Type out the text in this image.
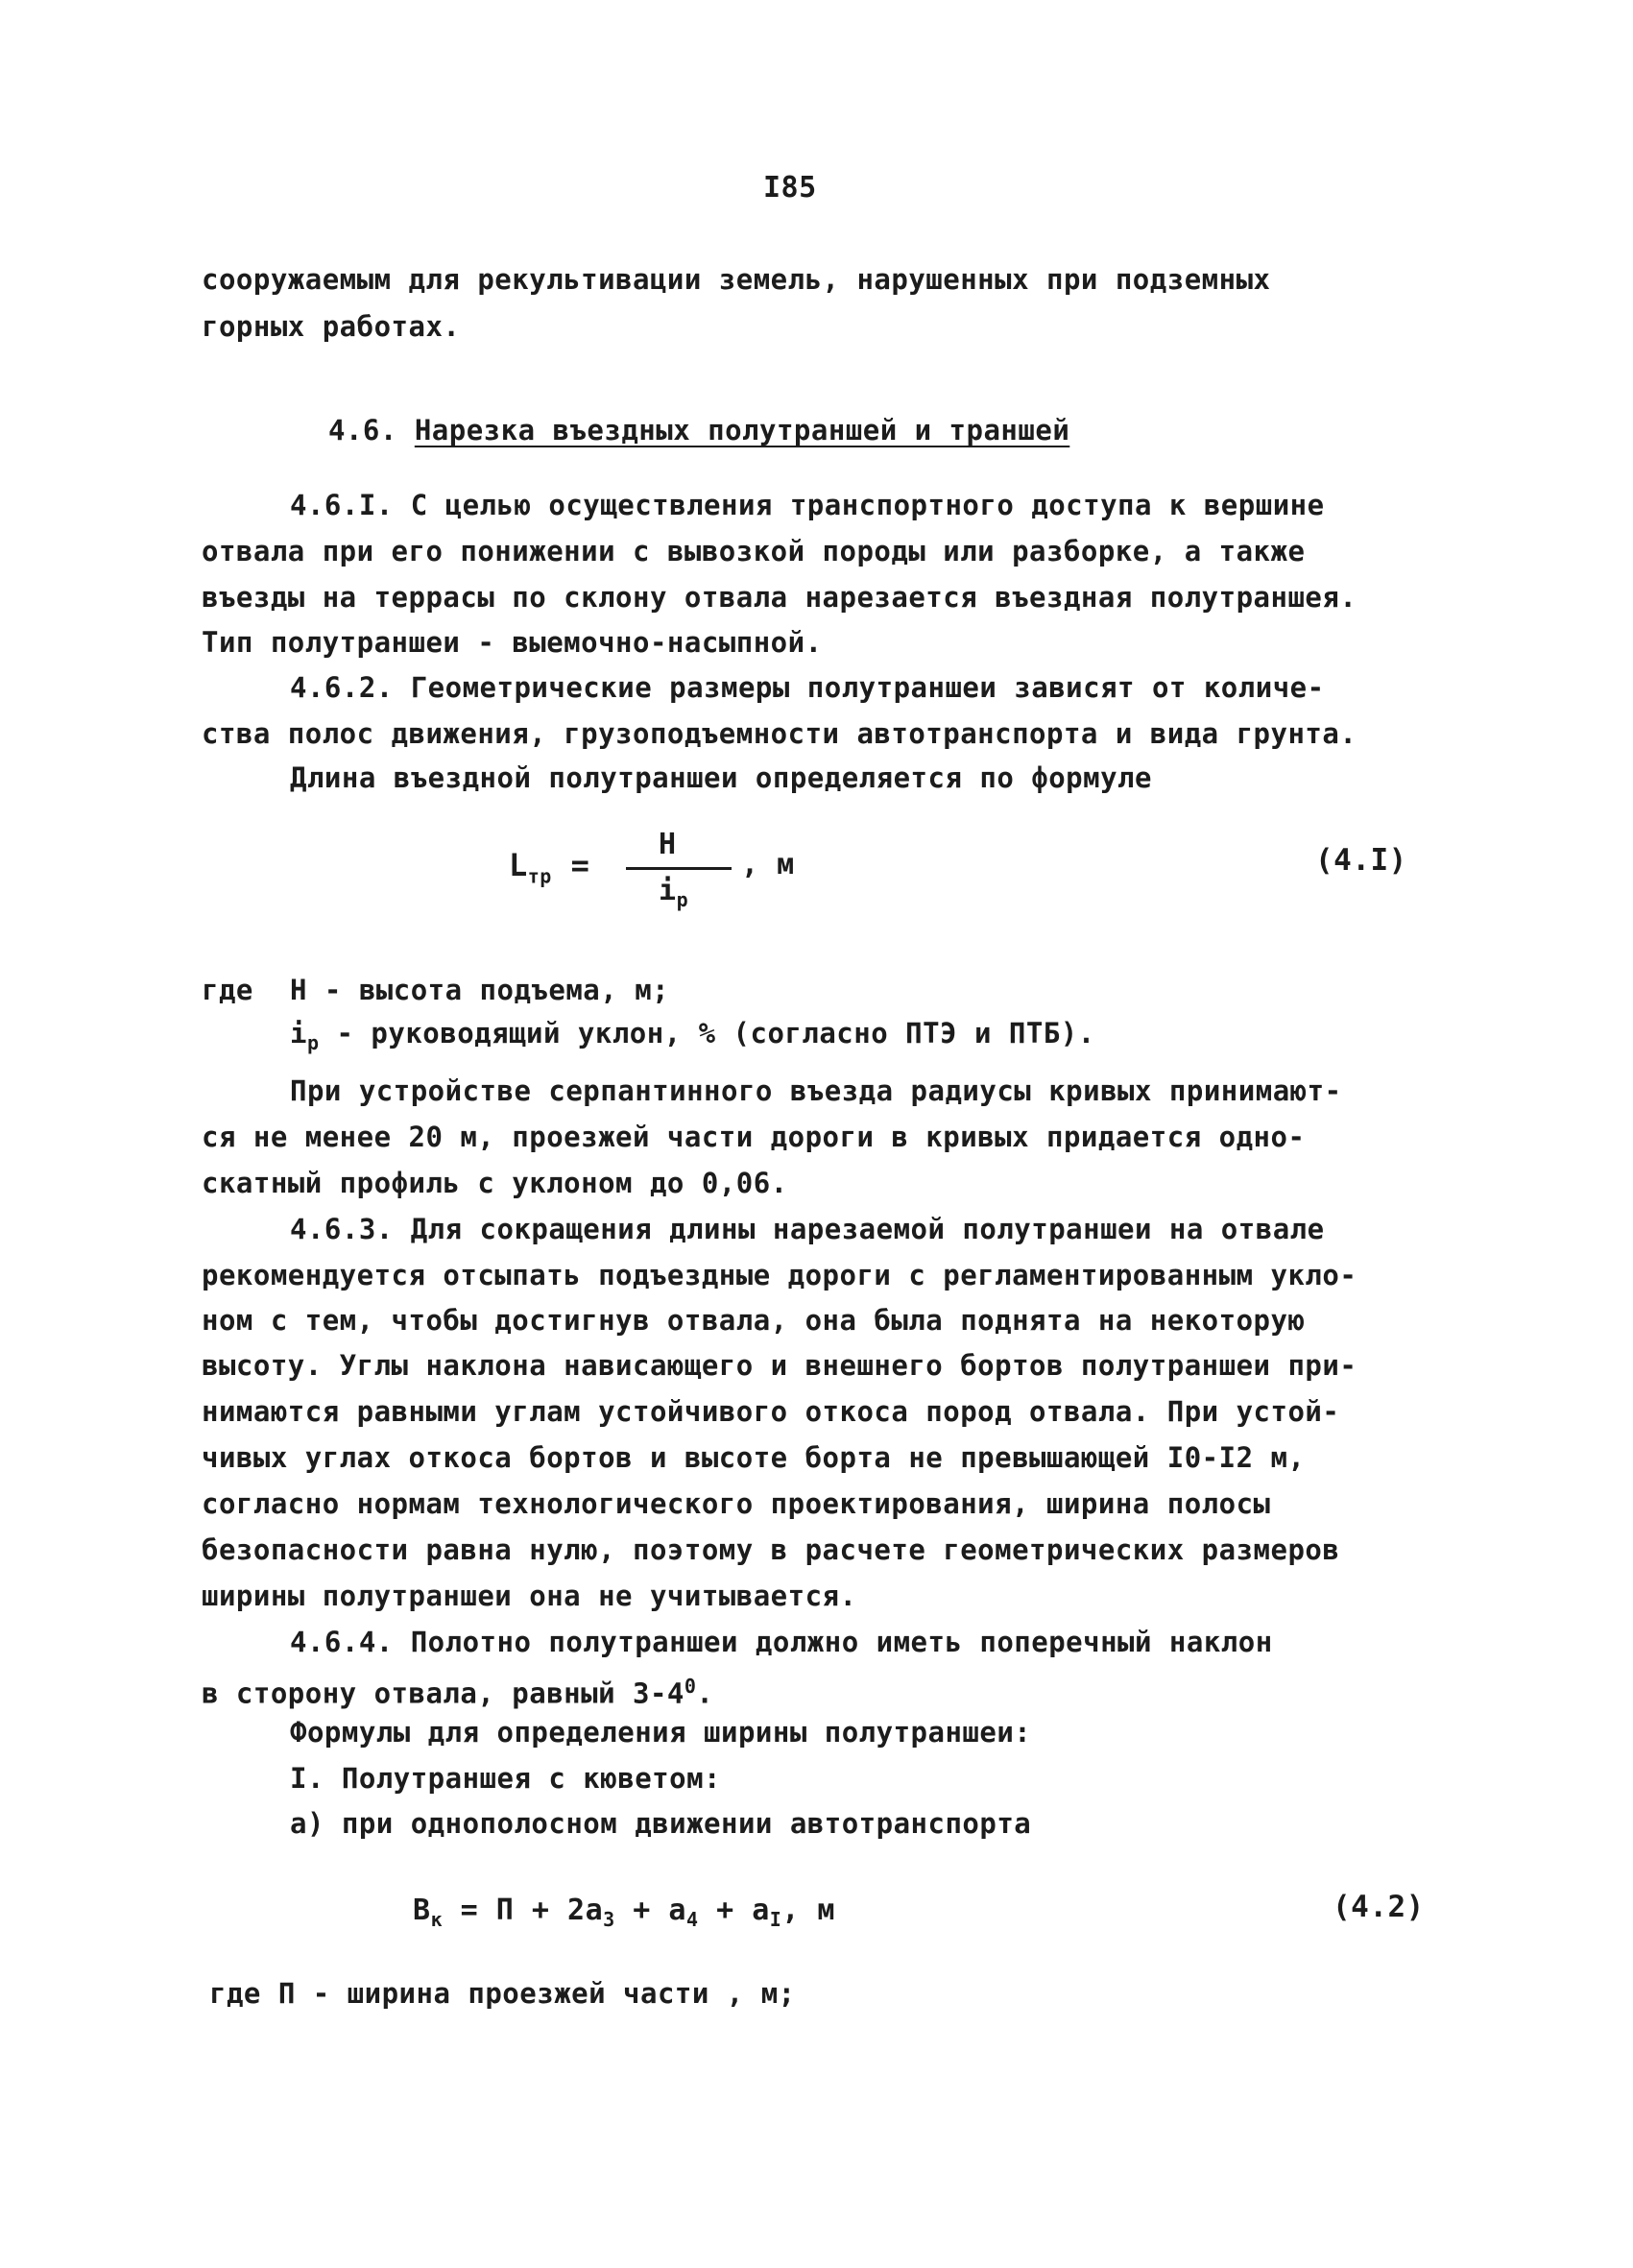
I85
сооружаемым для рекультивации земель, нарушенных при подземных
горных работах.
4.6. Нарезка въездных полутраншей и траншей
4.6.I. С целью осуществления транспортного доступа к вершине
отвала при его понижении с вывозкой породы или разборке, а также
въезды на террасы по склону отвала нарезается въездная полутраншея.
Тип полутраншеи - выемочно-насыпной.
4.6.2. Геометрические размеры полутраншеи зависят от количе-
ства полос движения, грузоподъемности автотранспорта и вида грунта.
Длина въездной полутраншеи определяется по формуле
$L_{тр}$ =
H
$i_р$
, м	(4.I)
где H - высота подъема, м;
$i_р$ - руководящий уклон, % (согласно ПТЭ и ПТБ).
При устройстве серпантинного въезда радиусы кривых принимают-
ся не менее 20 м, проезжей части дороги в кривых придается одно-
скатный профиль с уклоном до 0,06.
4.6.3. Для сокращения длины нарезаемой полутраншеи на отвале
рекомендуется отсыпать подъездные дороги с регламентированным укло-
ном с тем, чтобы достигнув отвала, она была поднята на некоторую
высоту. Углы наклона нависающего и внешнего бортов полутраншеи при-
нимаются равными углам устойчивого откоса пород отвала. При устой-
чивых углах откоса бортов и высоте борта не превышающей I0-I2 м,
согласно нормам технологического проектирования, ширина полосы
безопасности равна нулю, поэтому в расчете геометрических размеров
ширины полутраншеи она не учитывается.
4.6.4. Полотно полутраншеи должно иметь поперечный наклон
в сторону отвала, равный $3-4^0$.
Формулы для определения ширины полутраншеи:
I. Полутраншея с кюветом:
а) при однополосном движении автотранспорта
$B_к = П + 2а_3 + а_4 + а_I$, м	(4.2)
где П - ширина проезжей части , м;
